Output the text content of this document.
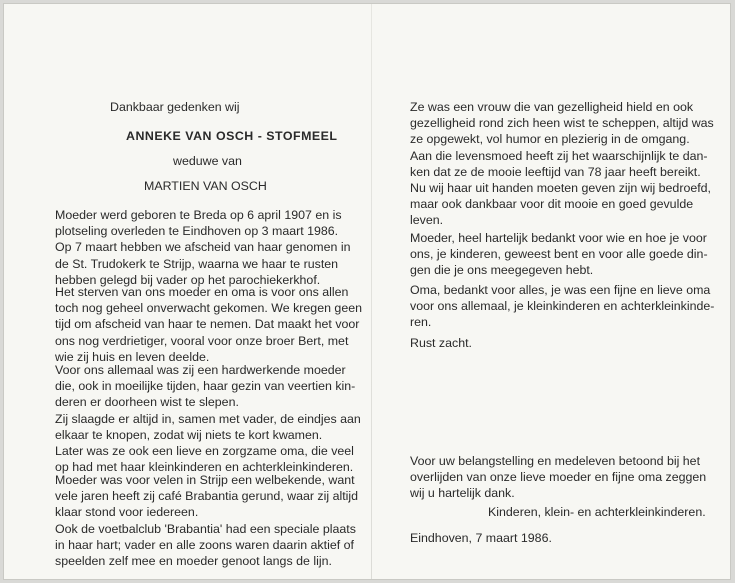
Dankbaar gedenken wij
ANNEKE VAN OSCH - STOFMEEL
weduwe van
MARTIEN VAN OSCH
Moeder werd geboren te Breda op 6 april 1907 en is
plotseling overleden te Eindhoven op 3 maart 1986.
Op 7 maart hebben we afscheid van haar genomen in
de St. Trudokerk te Strijp, waarna we haar te rusten
hebben gelegd bij vader op het parochiekerkhof.
Het sterven van ons moeder en oma is voor ons allen
toch nog geheel onverwacht gekomen. We kregen geen
tijd om afscheid van haar te nemen. Dat maakt het voor
ons nog verdrietiger, vooral voor onze broer Bert, met
wie zij huis en leven deelde.
Voor ons allemaal was zij een hardwerkende moeder
die, ook in moeilijke tijden, haar gezin van veertien kin-
deren er doorheen wist te slepen.
Zij slaagde er altijd in, samen met vader, de eindjes aan
elkaar te knopen, zodat wij niets te kort kwamen.
Later was ze ook een lieve en zorgzame oma, die veel
op had met haar kleinkinderen en achterkleinkinderen.
Moeder was voor velen in Strijp een welbekende, want
vele jaren heeft zij café Brabantia gerund, waar zij altijd
klaar stond voor iedereen.
Ook de voetbalclub 'Brabantia' had een speciale plaats
in haar hart; vader en alle zoons waren daarin aktief of
speelden zelf mee en moeder genoot langs de lijn.
Ze was een vrouw die van gezelligheid hield en ook
gezelligheid rond zich heen wist te scheppen, altijd was
ze opgewekt, vol humor en plezierig in de omgang.
Aan die levensmoed heeft zij het waarschijnlijk te dan-
ken dat ze de mooie leeftijd van 78 jaar heeft bereikt.
Nu wij haar uit handen moeten geven zijn wij bedroefd,
maar ook dankbaar voor dit mooie en goed gevulde
leven.
Moeder, heel hartelijk bedankt voor wie en hoe je voor
ons, je kinderen, geweest bent en voor alle goede din-
gen die je ons meegegeven hebt.
Oma, bedankt voor alles, je was een fijne en lieve oma
voor ons allemaal, je kleinkinderen en achterkleinkinde-
ren.
Rust zacht.
Voor uw belangstelling en medeleven betoond bij het
overlijden van onze lieve moeder en fijne oma zeggen
wij u hartelijk dank.
Kinderen, klein- en achterkleinkinderen.
Eindhoven, 7 maart 1986.
